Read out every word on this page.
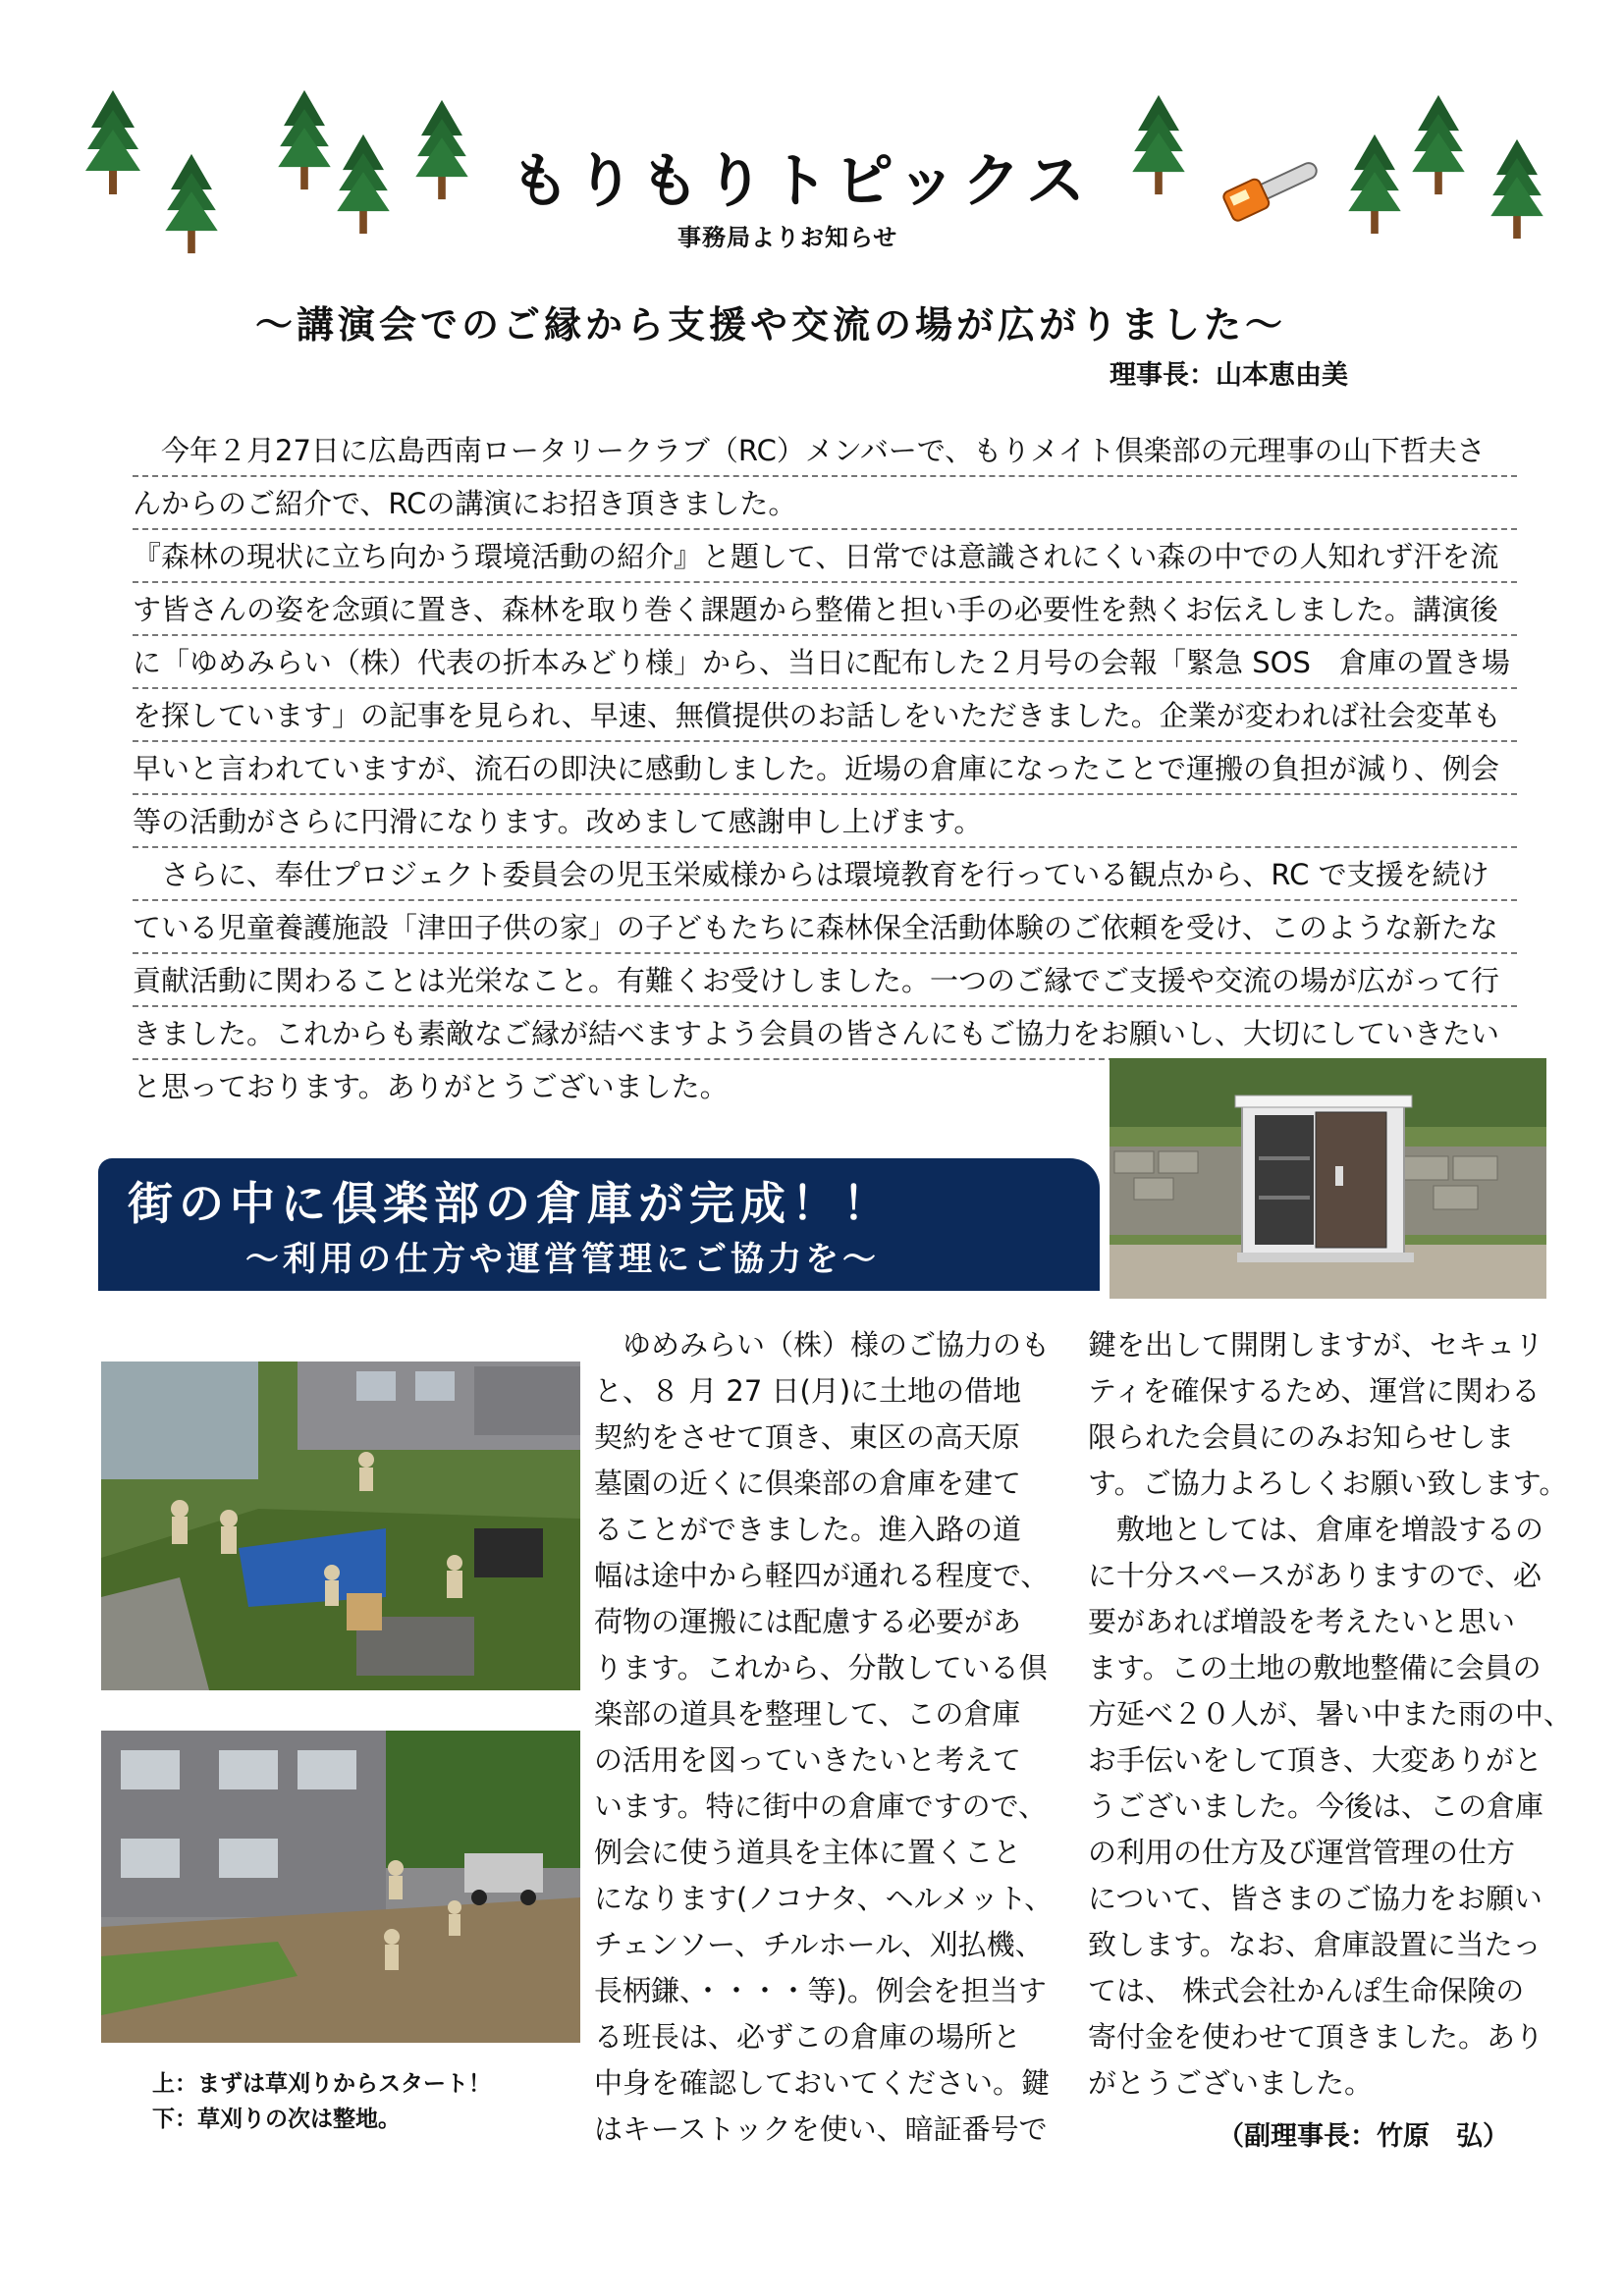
もりもりトピックス
事務局よりお知らせ
～講演会でのご縁から支援や交流の場が広がりました～
理事長：山本恵由美
　今年２月27日に広島西南ロータリークラブ（RC）メンバーで、もりメイト倶楽部の元理事の山下哲夫さ
んからのご紹介で、RCの講演にお招き頂きました。
『森林の現状に立ち向かう環境活動の紹介』と題して、日常では意識されにくい森の中での人知れず汗を流
す皆さんの姿を念頭に置き、森林を取り巻く課題から整備と担い手の必要性を熱くお伝えしました。講演後
に「ゆめみらい（株）代表の折本みどり様」から、当日に配布した２月号の会報「緊急 SOS　倉庫の置き場
を探しています」の記事を見られ、早速、無償提供のお話しをいただきました。企業が変われば社会変革も
早いと言われていますが、流石の即決に感動しました。近場の倉庫になったことで運搬の負担が減り、例会
等の活動がさらに円滑になります。改めまして感謝申し上げます。
　さらに、奉仕プロジェクト委員会の児玉栄威様からは環境教育を行っている観点から、RC で支援を続け
ている児童養護施設「津田子供の家」の子どもたちに森林保全活動体験のご依頼を受け、このような新たな
貢献活動に関わることは光栄なこと。有難くお受けしました。一つのご縁でご支援や交流の場が広がって行
きました。これからも素敵なご縁が結べますよう会員の皆さんにもご協力をお願いし、大切にしていきたい
と思っております。ありがとうございました。
街の中に倶楽部の倉庫が完成！！
～利用の仕方や運営管理にご協力を～
上：まずは草刈りからスタート！
下：草刈りの次は整地。
　ゆめみらい（株）様のご協力のも
と、８ 月 27 日(月)に土地の借地
契約をさせて頂き、東区の高天原
墓園の近くに倶楽部の倉庫を建て
ることができました。進入路の道
幅は途中から軽四が通れる程度で、
荷物の運搬には配慮する必要があ
ります。これから、分散している倶
楽部の道具を整理して、この倉庫
の活用を図っていきたいと考えて
います。特に街中の倉庫ですので、
例会に使う道具を主体に置くこと
になります(ノコナタ、ヘルメット、
チェンソー、チルホール、刈払機、
長柄鎌、・・・・等)。例会を担当す
る班長は、必ずこの倉庫の場所と
中身を確認しておいてください。鍵
はキーストックを使い、暗証番号で
鍵を出して開閉しますが、セキュリ
ティを確保するため、運営に関わる
限られた会員にのみお知らせしま
す。ご協力よろしくお願い致します。
　敷地としては、倉庫を増設するの
に十分スペースがありますので、必
要があれば増設を考えたいと思い
ます。この土地の敷地整備に会員の
方延べ２０人が、暑い中また雨の中、
お手伝いをして頂き、大変ありがと
うございました。今後は、この倉庫
の利用の仕方及び運営管理の仕方
について、皆さまのご協力をお願い
致します。なお、倉庫設置に当たっ
ては、 株式会社かんぽ生命保険の
寄付金を使わせて頂きました。あり
がとうございました。
（副理事長：竹原　弘）
